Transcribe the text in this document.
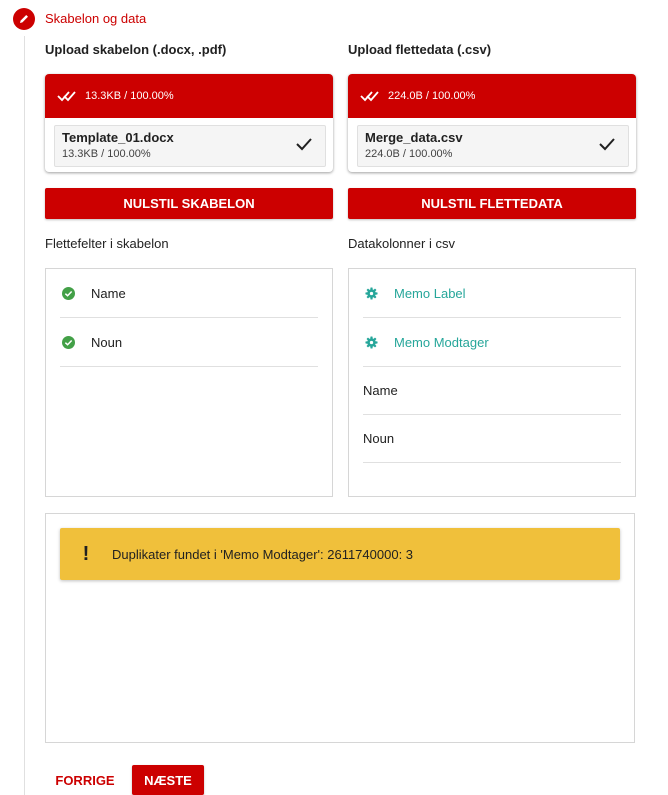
Skabelon og data
Upload skabelon (.docx, .pdf)	Upload flettedata (.csv)
13.3KB / 100.00%
Template_01.docx
13.3KB / 100.00%
224.0B / 100.00%
Merge_data.csv
224.0B / 100.00%
NULSTIL SKABELON	NULSTIL FLETTEDATA
Flettefelter i skabelon	Datakolonner i csv
Name
Noun
Memo Label
Memo Modtager
Name
Noun
!	Duplikater fundet i 'Memo Modtager': 2611740000: 3
FORRIGE	NÆSTE
